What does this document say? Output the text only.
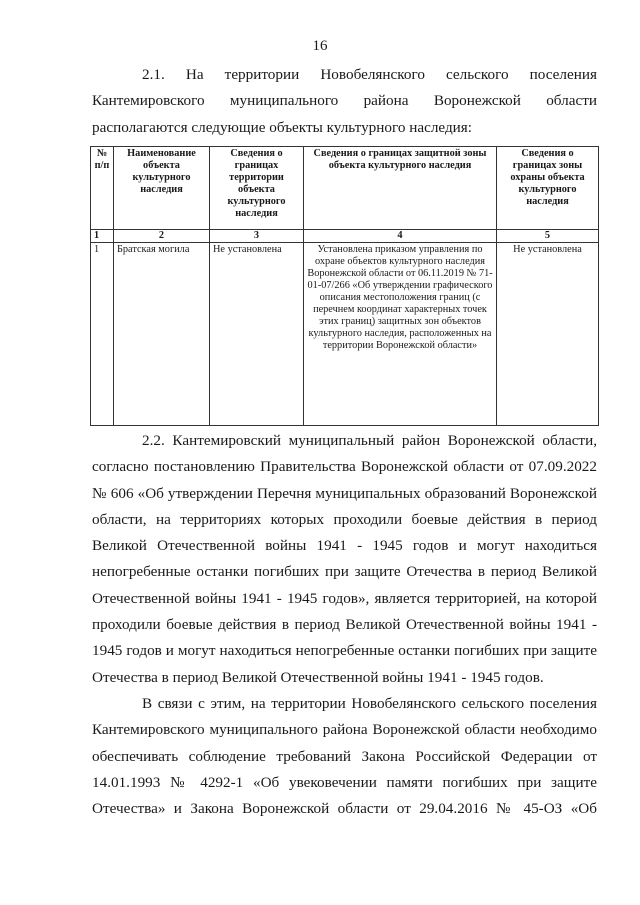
16
2.1. На территории Новобелянского сельского поселения
Кантемировского муниципального района Воронежской области
располагаются следующие объекты культурного наследия:
№ п/п	Наименование объекта культурного наследия	Сведения о границах территории объекта культурного наследия	Сведения о границах защитной зоны объекта культурного наследия	Сведения о границах зоны охраны объекта культурного наследия
1	2	3	4	5
1	Братская могила	Не установлена	Установлена приказом управления по охране объектов культурного наследия Воронежской области от 06.11.2019 № 71-01-07/266 «Об утверждении графического описания местоположения границ (с перечнем координат характерных точек этих границ) защитных зон объектов культурного наследия, расположенных на территории Воронежской области»	Не установлена
2.2. Кантемировский муниципальный район Воронежской области,
согласно постановлению Правительства Воронежской области от 07.09.2022
№ 606 «Об утверждении Перечня муниципальных образований Воронежской
области, на территориях которых проходили боевые действия в период
Великой Отечественной войны 1941 - 1945 годов и могут находиться
непогребенные останки погибших при защите Отечества в период Великой
Отечественной войны 1941 - 1945 годов», является территорией, на которой
проходили боевые действия в период Великой Отечественной войны 1941 -
1945 годов и могут находиться непогребенные останки погибших при защите
Отечества в период Великой Отечественной войны 1941 - 1945 годов.
В связи с этим, на территории Новобелянского сельского поселения
Кантемировского муниципального района Воронежской области необходимо
обеспечивать соблюдение требований Закона Российской Федерации от
14.01.1993 № 4292-1 «Об увековечении памяти погибших при защите
Отечества» и Закона Воронежской области от 29.04.2016 № 45-ОЗ «Об
